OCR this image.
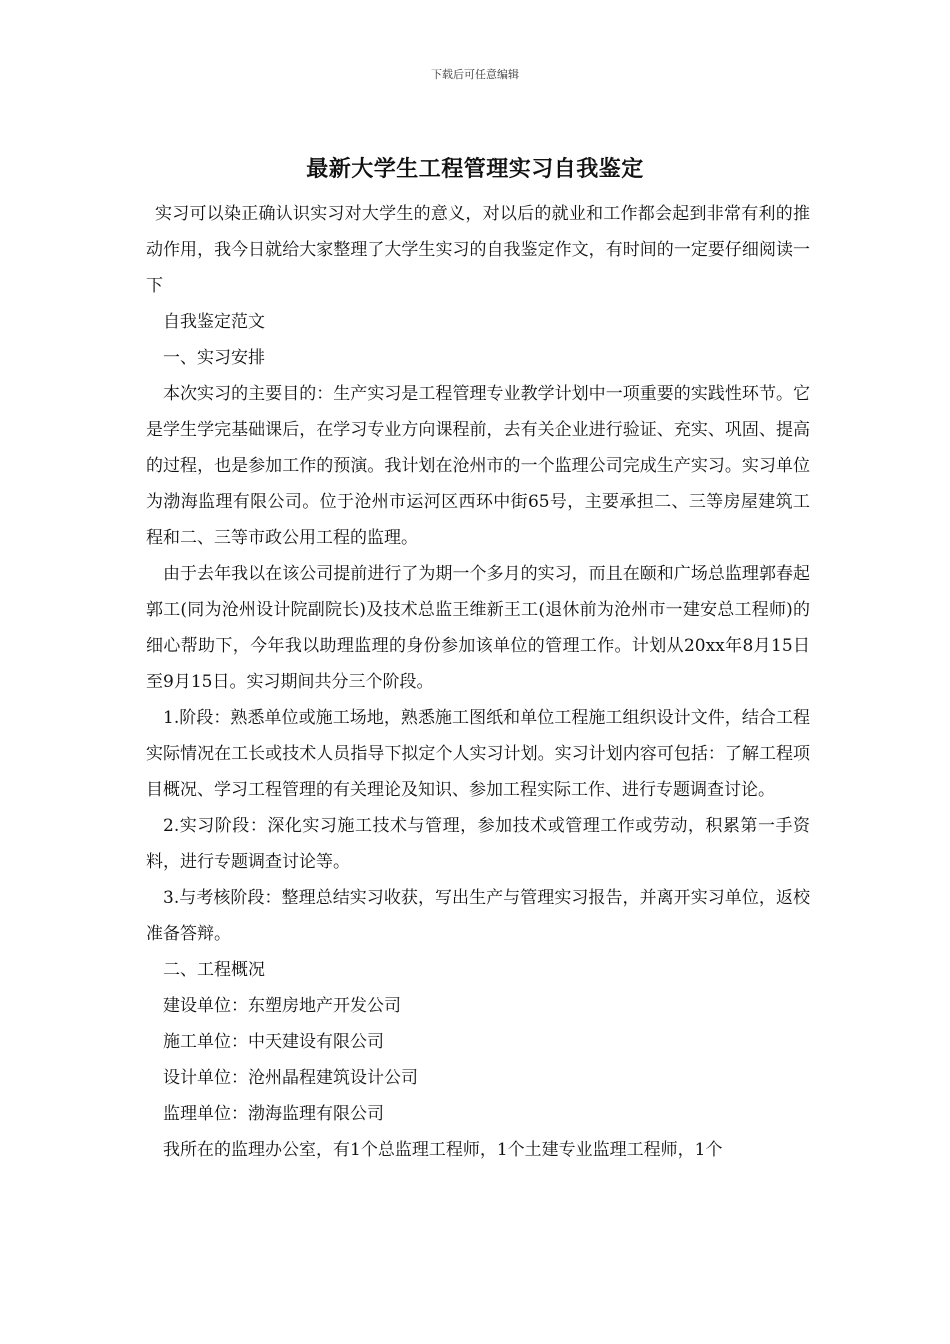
下载后可任意编辑
最新大学生工程管理实习自我鉴定

实习可以染正确认识实习对大学生的意义，对以后的就业和工作都会起到非常有利的推动作用，我今日就给大家整理了大学生实习的自我鉴定作文，有时间的一定要仔细阅读一下

自我鉴定范文

一、实习安排

本次实习的主要目的：生产实习是工程管理专业教学计划中一项重要的实践性环节。它是学生学完基础课后，在学习专业方向课程前，去有关企业进行验证、充实、巩固、提高的过程，也是参加工作的预演。我计划在沧州市的一个监理公司完成生产实习。实习单位为渤海监理有限公司。位于沧州市运河区西环中街65号，主要承担二、三等房屋建筑工程和二、三等市政公用工程的监理。

由于去年我以在该公司提前进行了为期一个多月的实习，而且在颐和广场总监理郭春起郭工(同为沧州设计院副院长)及技术总监王维新王工(退休前为沧州市一建安总工程师)的细心帮助下，今年我以助理监理的身份参加该单位的管理工作。计划从20xx年8月15日至9月15日。实习期间共分三个阶段。

1.阶段：熟悉单位或施工场地，熟悉施工图纸和单位工程施工组织设计文件，结合工程实际情况在工长或技术人员指导下拟定个人实习计划。实习计划内容可包括：了解工程项目概况、学习工程管理的有关理论及知识、参加工程实际工作、进行专题调查讨论。

2.实习阶段：深化实习施工技术与管理，参加技术或管理工作或劳动，积累第一手资料，进行专题调查讨论等。

3.与考核阶段：整理总结实习收获，写出生产与管理实习报告，并离开实习单位，返校准备答辩。

二、工程概况

建设单位：东塑房地产开发公司

施工单位：中天建设有限公司

设计单位：沧州晶程建筑设计公司

监理单位：渤海监理有限公司

我所在的监理办公室，有1个总监理工程师，1个土建专业监理工程师，1个
